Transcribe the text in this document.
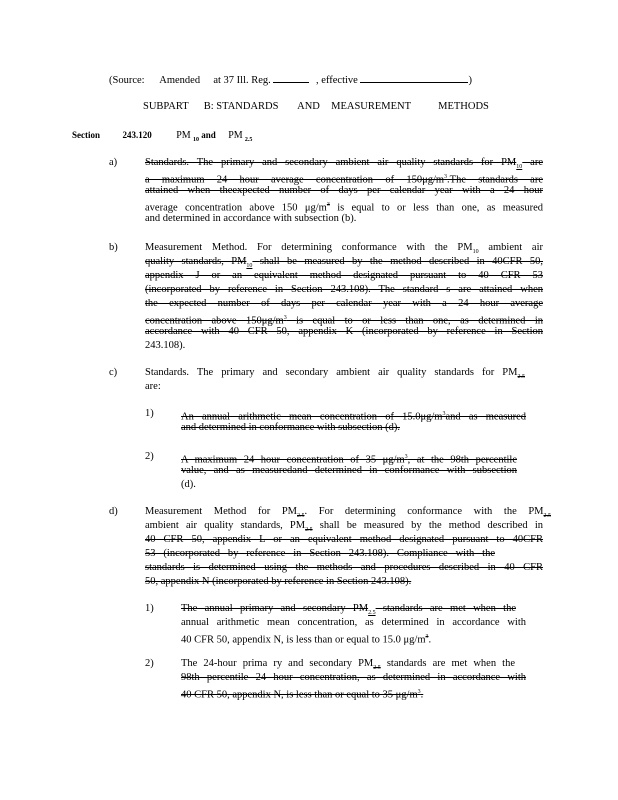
(Source: Amended at 37 Ill. Reg.	, effective	)
SUBPART B: STANDARDS AND MEASUREMENT	METHODS
Section	243.120 PM $_{10}$ and PM $_{2.5}$
a)	Standards. The primary and secondary ambient air quality standards for $PM_{10}$ are
a maximum 24 hour average concentration of $150\mu g/m^3.The$ standards are
attained when theexpected number of days per calendar year with a 24 hour
average concentration above 150 $\mu g/m^3$ is equal to or less than one, as measured
and determined in accordance with subsection (b).
b)	Measurement Method. For determining conformance with the $PM_{10}$ ambient air
quality standards, $PM_{10}$ shall be measured by the method described in 40CFR 50,
appendix J or an equivalent method designated pursuant to 40 CFR 53
(incorporated by reference in Section 243.108). The standard s are attained when
the expected number of days per calendar year with a 24 hour average
concentration above $150\mu g/m^3$ is equal to or less than one, as determined in
accordance with 40 CFR 50, appendix K (incorporated by reference in Section
243.108).
c)	Standards. The primary and secondary ambient air quality standards for $PM_{2.5}$
are:
1)	An annual arithmetic mean concentration of $15.0\mu g/m^3and$ as measured
and determined in conformance with subsection (d).
2)	A maximum 24 hour concentration of 35 $\mu g/m^3$, at the 98th percentile
value, and as measuredand determined in conformance with subsection
(d).
d)	Measurement Method for $PM_{2.5}$. For determining conformance with the $PM_{2.5}$
ambient air quality standards, $PM_{2.5}$ shall be measured by the method described in
40 CFR 50, appendix L or an equivalent method designated pursuant to 40CFR
53 (incorporated by reference in Section 243.108). Compliance with the
standards is determined using the methods and procedures described in 40 CFR
50, appendix N (incorporated by reference in Section 243.108).
1)	The annual primary and secondary $PM_{2.5}$ standards are met when the
annual arithmetic mean concentration, as determined in accordance with
40 CFR 50, appendix N, is less than or equal to 15.0 $\mu g/m^3$.
2)	The 24-hour prima ry and secondary $PM_{2.5}$ standards are met when the
98th percentile 24 hour concentration, as determined in accordance with
40 CFR 50, appendix N, is less than or equal to 35 $\mu g/m^3$.
